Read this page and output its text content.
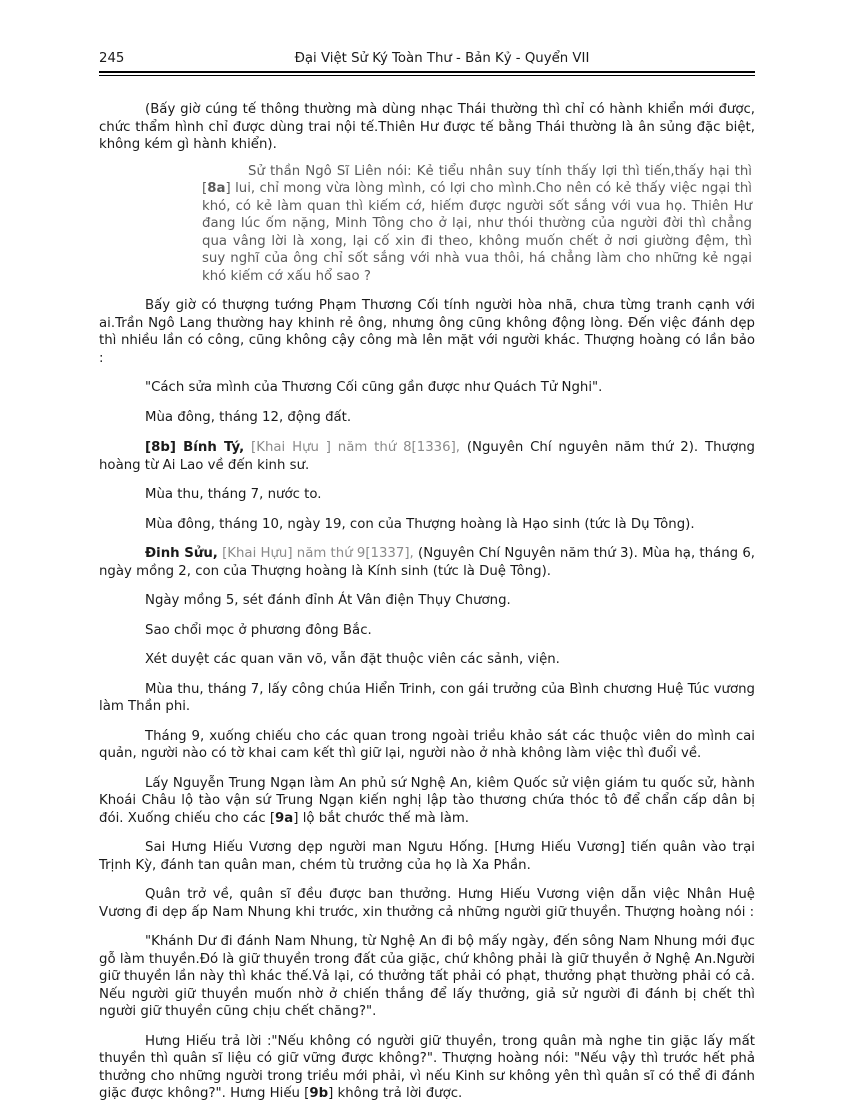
245	Đại Việt Sử Ký Toàn Thư - Bản Kỷ - Quyển VII

(Bấy giờ cúng tế thông thường mà dùng nhạc Thái thường thì chỉ có hành khiển mới được, chức thẩm hình chỉ được dùng trai nội tế.Thiên Hư được tế bằng Thái thường là ân sủng đặc biệt, không kém gì hành khiển).

Sử thần Ngô Sĩ Liên nói: Kẻ tiểu nhân suy tính thấy lợi thì tiến,thấy hại thì [8a] lui, chỉ mong vừa lòng mình, có lợi cho mình.Cho nên có kẻ thấy việc ngại thì khó, có kẻ làm quan thì kiếm cớ, hiếm được người sốt sắng với vua họ. Thiên Hư đang lúc ốm nặng, Minh Tông cho ở lại, như thói thường của người đời thì chẳng qua vâng lời là xong, lại cố xin đi theo, không muốn chết ở nơi giường đệm, thì suy nghĩ của ông chỉ sốt sắng với nhà vua thôi, há chẳng làm cho những kẻ ngại khó kiếm cớ xấu hổ sao ?

Bấy giờ có thượng tướng Phạm Thương Cối tính người hòa nhã, chưa từng tranh cạnh với ai.Trần Ngô Lang thường hay khinh rẻ ông, nhưng ông cũng không động lòng. Đến việc đánh dẹp thì nhiều lần có công, cũng không cậy công mà lên mặt với người khác. Thượng hoàng có lần bảo :

"Cách sửa mình của Thương Cối cũng gần được như Quách Tử Nghi".

Mùa đông, tháng 12, động đất.

[8b] Bính Tý, [Khai Hựu ] năm thứ 8[1336], (Nguyên Chí nguyên năm thứ 2). Thượng hoàng từ Ai Lao về đến kinh sư.

Mùa thu, tháng 7, nước to.

Mùa đông, tháng 10, ngày 19, con của Thượng hoàng là Hạo sinh (tức là Dụ Tông).

Đinh Sửu, [Khai Hựu] năm thứ 9[1337], (Nguyên Chí Nguyên năm thứ 3). Mùa hạ, tháng 6, ngày mồng 2, con của Thượng hoàng là Kính sinh (tức là Duệ Tông).

Ngày mồng 5, sét đánh đỉnh Át Vân điện Thụy Chương.

Sao chổi mọc ở phương đông Bắc.

Xét duyệt các quan văn võ, vẫn đặt thuộc viên các sảnh, viện.

Mùa thu, tháng 7, lấy công chúa Hiển Trinh, con gái trưởng của Bình chương Huệ Túc vương làm Thần phi.

Tháng 9, xuống chiếu cho các quan trong ngoài triều khảo sát các thuộc viên do mình cai quản, người nào có tờ khai cam kết thì giữ lại, người nào ở nhà không làm việc thì đuổi về.

Lấy Nguyễn Trung Ngạn làm An phủ sứ Nghệ An, kiêm Quốc sử viện giám tu quốc sử, hành Khoái Châu lộ tào vận sứ Trung Ngạn kiến nghị lập tào thương chứa thóc tô để chẩn cấp dân bị đói. Xuống chiếu cho các [9a] lộ bắt chước thế mà làm.

Sai Hưng Hiếu Vương dẹp người man Ngưu Hống. [Hưng Hiếu Vương] tiến quân vào trại Trịnh Kỳ, đánh tan quân man, chém tù trưởng của họ là Xa Phần.

Quân trở về, quân sĩ đều được ban thưởng. Hưng Hiếu Vương viện dẫn việc Nhân Huệ Vương đi dẹp ấp Nam Nhung khi trước, xin thưởng cả những người giữ thuyền. Thượng hoàng nói :

"Khánh Dư đi đánh Nam Nhung, từ Nghệ An đi bộ mấy ngày, đến sông Nam Nhung mới đục gỗ làm thuyền.Đó là giữ thuyền trong đất của giặc, chứ không phải là giữ thuyền ở Nghệ An.Người giữ thuyền lần này thì khác thế.Vả lại, có thưởng tất phải có phạt, thưởng phạt thường phải có cả. Nếu người giữ thuyền muốn nhờ ở chiến thắng để lấy thưởng, giả sử người đi đánh bị chết thì người giữ thuyền cũng chịu chết chăng?".

Hưng Hiếu trả lời :"Nếu không có người giữ thuyền, trong quân mà nghe tin giặc lấy mất thuyền thì quân sĩ liệu có giữ vững được không?". Thượng hoàng nói: "Nếu vậy thì trước hết phả thưởng cho những người trong triều mới phải, vì nếu Kinh sư không yên thì quân sĩ có thể đi đánh giặc được không?". Hưng Hiếu [9b] không trả lời được.
